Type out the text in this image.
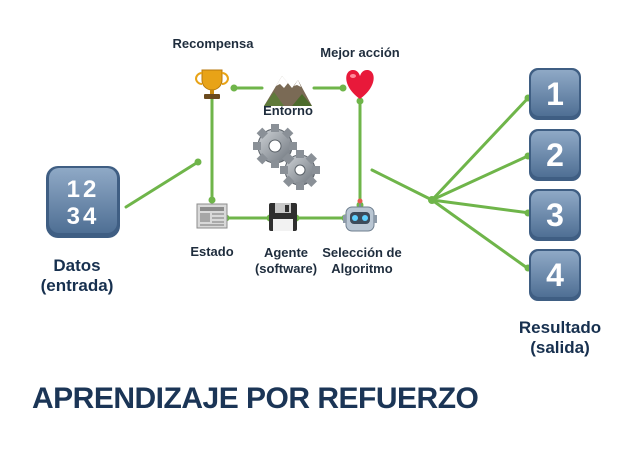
12
34
1
2
3
4
Recompensa
Mejor acción
Entorno
Estado	Agente
(software)
Selección de
Algoritmo
Datos
(entrada)
Resultado
(salida)
APRENDIZAJE POR REFUERZO
